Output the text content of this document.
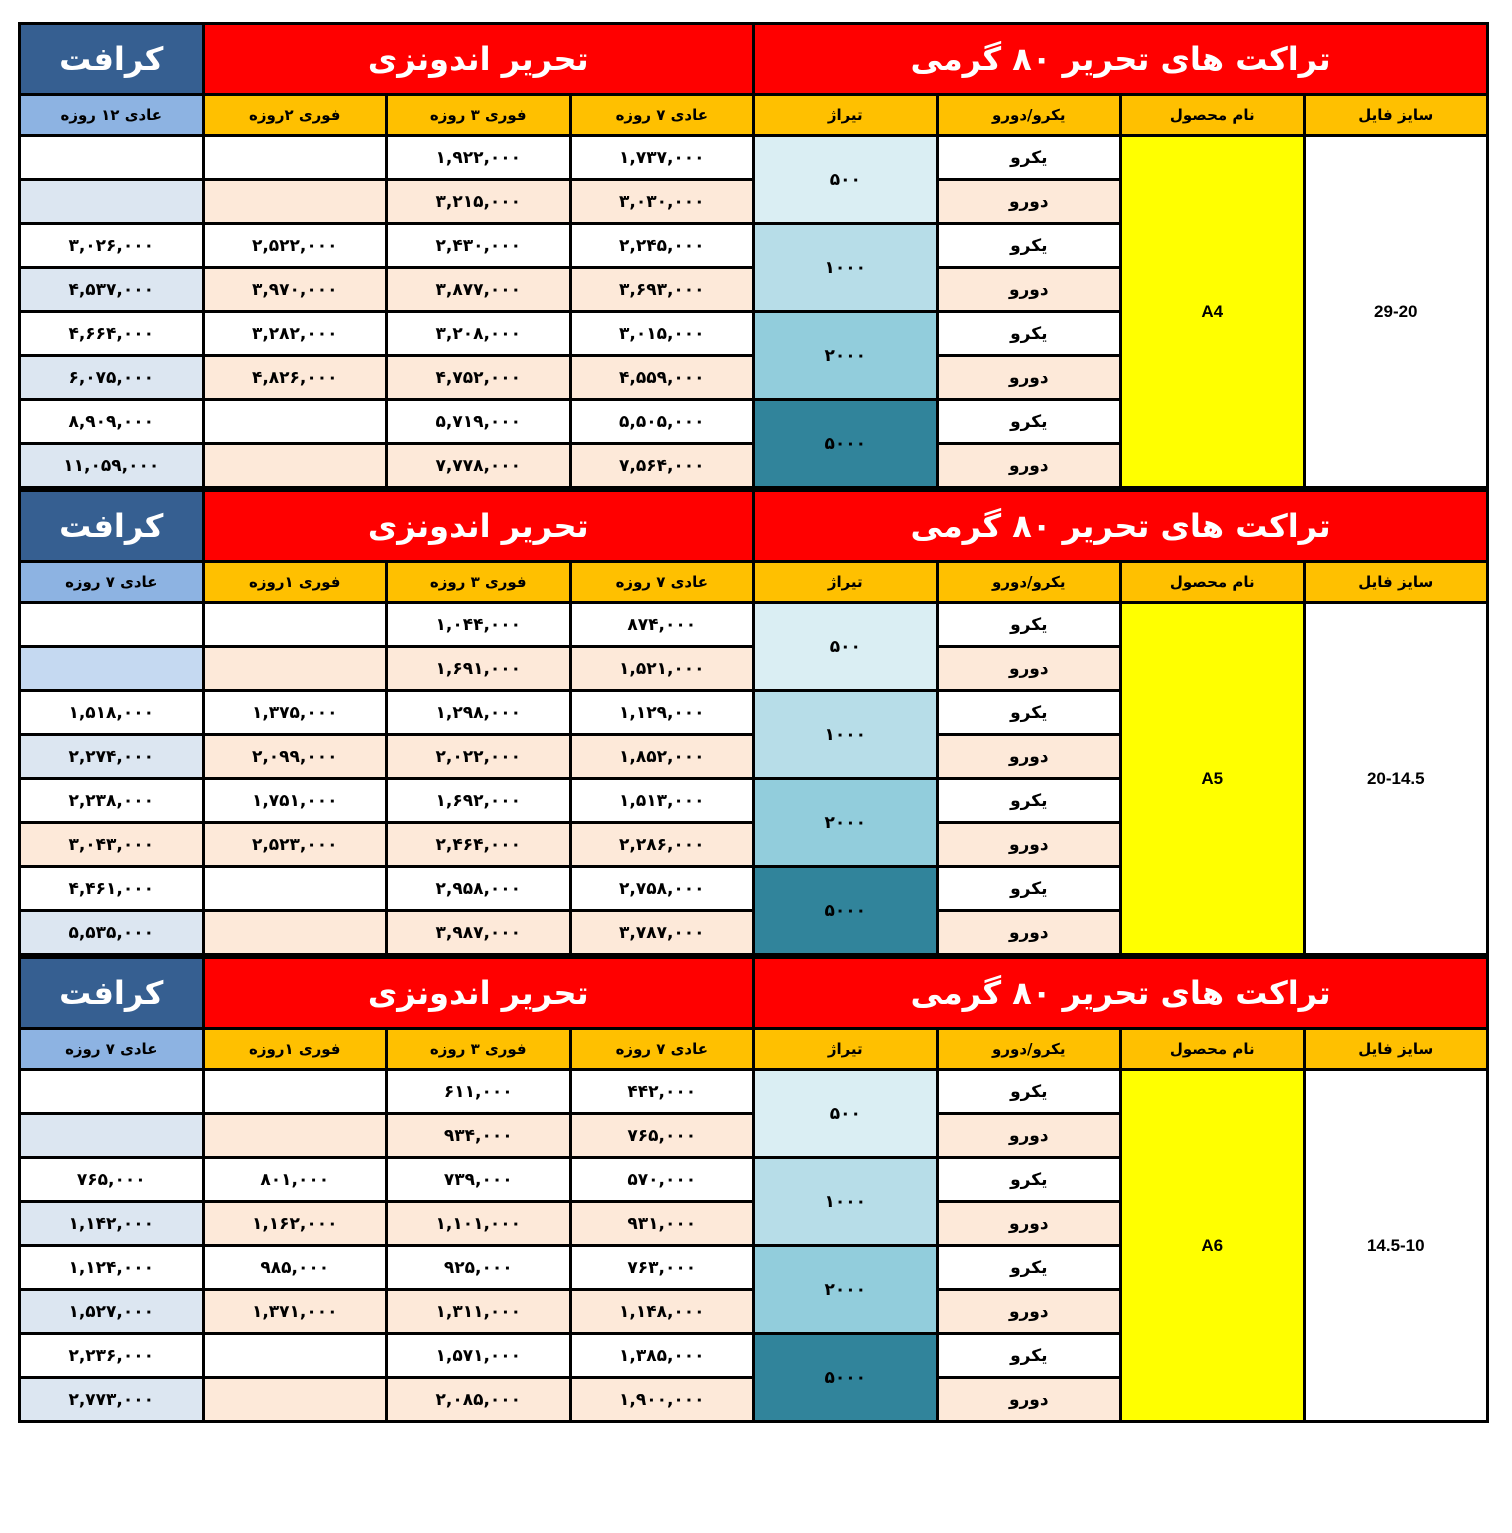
تراکت های تحریر ۸۰ گرمی				تحریر اندونزی			کرافت
سایز فایل	نام محصول	یکرو/دورو	تیراژ	عادی ۷ روزه	فوری ۳ روزه	فوری ۲روزه	عادی ۱۲ روزه
29-20	A4	یکرو	۵۰۰	۱,۷۳۷,۰۰۰	۱,۹۲۲,۰۰۰		
		دورو		۳,۰۳۰,۰۰۰	۳,۲۱۵,۰۰۰		
		یکرو	۱۰۰۰	۲,۲۴۵,۰۰۰	۲,۴۳۰,۰۰۰	۲,۵۲۲,۰۰۰	۳,۰۲۶,۰۰۰
		دورو		۳,۶۹۳,۰۰۰	۳,۸۷۷,۰۰۰	۳,۹۷۰,۰۰۰	۴,۵۳۷,۰۰۰
		یکرو	۲۰۰۰	۳,۰۱۵,۰۰۰	۳,۲۰۸,۰۰۰	۳,۲۸۲,۰۰۰	۴,۶۶۴,۰۰۰
		دورو		۴,۵۵۹,۰۰۰	۴,۷۵۲,۰۰۰	۴,۸۲۶,۰۰۰	۶,۰۷۵,۰۰۰
		یکرو	۵۰۰۰	۵,۵۰۵,۰۰۰	۵,۷۱۹,۰۰۰		۸,۹۰۹,۰۰۰
		دورو		۷,۵۶۴,۰۰۰	۷,۷۷۸,۰۰۰		۱۱,۰۵۹,۰۰۰
تراکت های تحریر ۸۰ گرمی				تحریر اندونزی			کرافت
سایز فایل	نام محصول	یکرو/دورو	تیراژ	عادی ۷ روزه	فوری ۳ روزه	فوری ۱روزه	عادی ۷ روزه
20-14.5	A5	یکرو	۵۰۰	۸۷۴,۰۰۰	۱,۰۴۴,۰۰۰		
		دورو		۱,۵۲۱,۰۰۰	۱,۶۹۱,۰۰۰		
		یکرو	۱۰۰۰	۱,۱۲۹,۰۰۰	۱,۲۹۸,۰۰۰	۱,۳۷۵,۰۰۰	۱,۵۱۸,۰۰۰
		دورو		۱,۸۵۲,۰۰۰	۲,۰۲۲,۰۰۰	۲,۰۹۹,۰۰۰	۲,۲۷۴,۰۰۰
		یکرو	۲۰۰۰	۱,۵۱۳,۰۰۰	۱,۶۹۲,۰۰۰	۱,۷۵۱,۰۰۰	۲,۲۳۸,۰۰۰
		دورو		۲,۲۸۶,۰۰۰	۲,۴۶۴,۰۰۰	۲,۵۲۳,۰۰۰	۳,۰۴۳,۰۰۰
		یکرو	۵۰۰۰	۲,۷۵۸,۰۰۰	۲,۹۵۸,۰۰۰		۴,۴۶۱,۰۰۰
		دورو		۳,۷۸۷,۰۰۰	۳,۹۸۷,۰۰۰		۵,۵۳۵,۰۰۰
تراکت های تحریر ۸۰ گرمی				تحریر اندونزی			کرافت
سایز فایل	نام محصول	یکرو/دورو	تیراژ	عادی ۷ روزه	فوری ۳ روزه	فوری ۱روزه	عادی ۷ روزه
14.5-10	A6	یکرو	۵۰۰	۴۴۲,۰۰۰	۶۱۱,۰۰۰		
		دورو		۷۶۵,۰۰۰	۹۳۴,۰۰۰		
		یکرو	۱۰۰۰	۵۷۰,۰۰۰	۷۳۹,۰۰۰	۸۰۱,۰۰۰	۷۶۵,۰۰۰
		دورو		۹۳۱,۰۰۰	۱,۱۰۱,۰۰۰	۱,۱۶۲,۰۰۰	۱,۱۴۲,۰۰۰
		یکرو	۲۰۰۰	۷۶۳,۰۰۰	۹۲۵,۰۰۰	۹۸۵,۰۰۰	۱,۱۲۴,۰۰۰
		دورو		۱,۱۴۸,۰۰۰	۱,۳۱۱,۰۰۰	۱,۳۷۱,۰۰۰	۱,۵۲۷,۰۰۰
		یکرو	۵۰۰۰	۱,۳۸۵,۰۰۰	۱,۵۷۱,۰۰۰		۲,۲۳۶,۰۰۰
		دورو		۱,۹۰۰,۰۰۰	۲,۰۸۵,۰۰۰		۲,۷۷۳,۰۰۰
